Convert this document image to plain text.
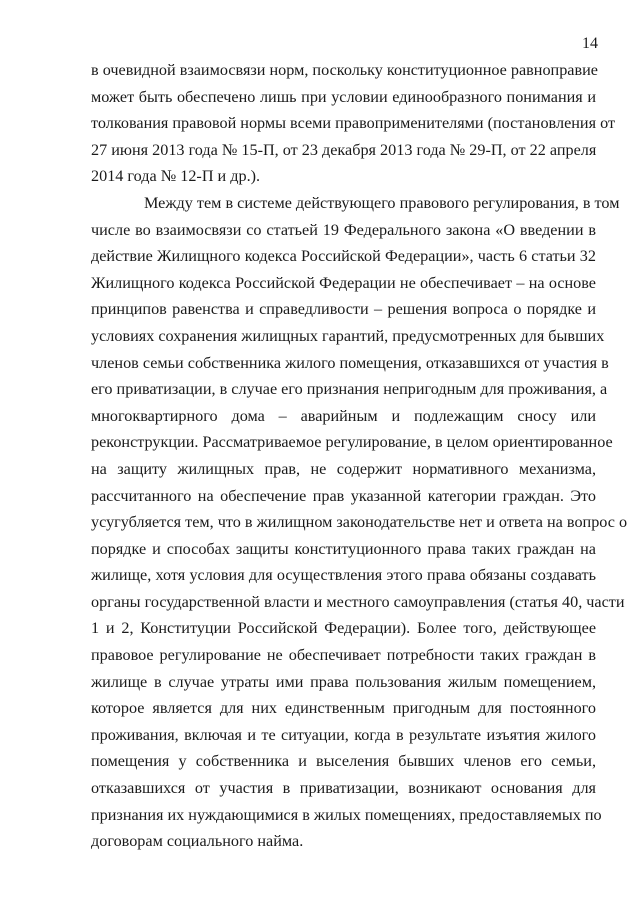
14

в очевидной взаимосвязи норм, поскольку конституционное равноправие
может быть обеспечено лишь при условии единообразного понимания и
толкования правовой нормы всеми правоприменителями (постановления от
27 июня 2013 года № 15-П, от 23 декабря 2013 года № 29-П, от 22 апреля
2014 года № 12-П и др.).

Между тем в системе действующего правового регулирования, в том
числе во взаимосвязи со статьей 19 Федерального закона «О введении в
действие Жилищного кодекса Российской Федерации», часть 6 статьи 32
Жилищного кодекса Российской Федерации не обеспечивает – на основе
принципов равенства и справедливости – решения вопроса о порядке и
условиях сохранения жилищных гарантий, предусмотренных для бывших
членов семьи собственника жилого помещения, отказавшихся от участия в
его приватизации, в случае его признания непригодным для проживания, а
многоквартирного дома – аварийным и подлежащим сносу или
реконструкции. Рассматриваемое регулирование, в целом ориентированное
на защиту жилищных прав, не содержит нормативного механизма,
рассчитанного на обеспечение прав указанной категории граждан. Это
усугубляется тем, что в жилищном законодательстве нет и ответа на вопрос о
порядке и способах защиты конституционного права таких граждан на
жилище, хотя условия для осуществления этого права обязаны создавать
органы государственной власти и местного самоуправления (статья 40, части
1 и 2, Конституции Российской Федерации). Более того, действующее
правовое регулирование не обеспечивает потребности таких граждан в
жилище в случае утраты ими права пользования жилым помещением,
которое является для них единственным пригодным для постоянного
проживания, включая и те ситуации, когда в результате изъятия жилого
помещения у собственника и выселения бывших членов его семьи,
отказавшихся от участия в приватизации, возникают основания для
признания их нуждающимися в жилых помещениях, предоставляемых по
договорам социального найма.
